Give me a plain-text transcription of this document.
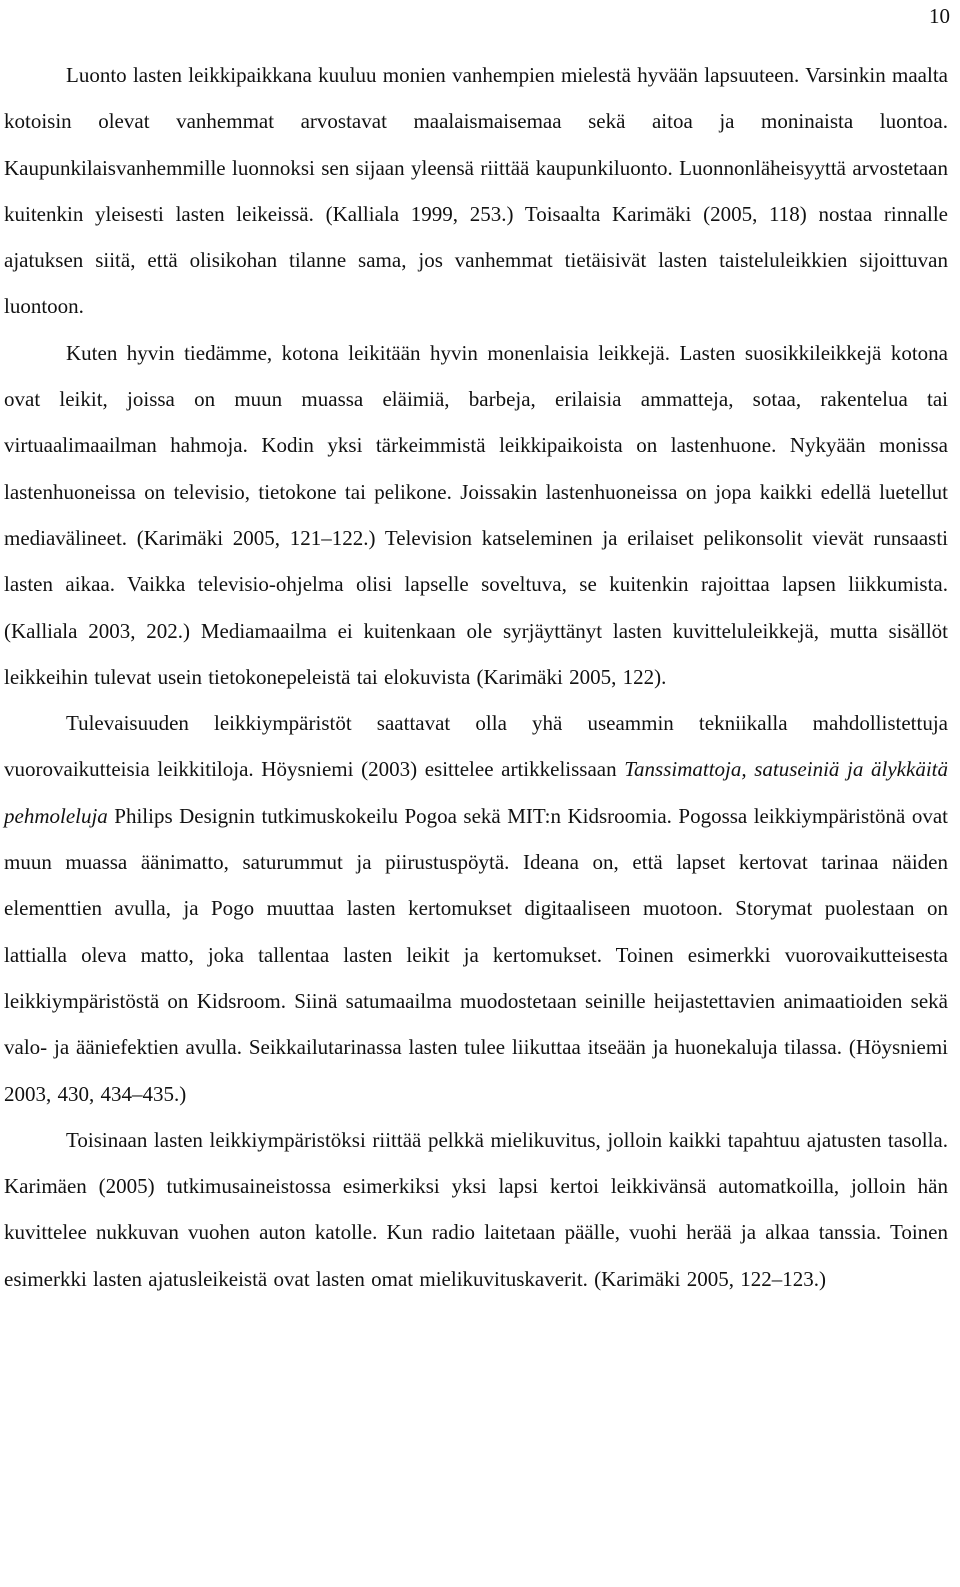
10

Luonto lasten leikkipaikkana kuuluu monien vanhempien mielestä hyvään lapsuuteen. Varsinkin maalta kotoisin olevat vanhemmat arvostavat maalaismaisemaa sekä aitoa ja moninaista luontoa. Kaupunkilaisvanhemmille luonnoksi sen sijaan yleensä riittää kaupunkiluonto. Luonnonläheisyyttä arvostetaan kuitenkin yleisesti lasten leikeissä. (Kalliala 1999, 253.) Toisaalta Karimäki (2005, 118) nostaa rinnalle ajatuksen siitä, että olisikohan tilanne sama, jos vanhemmat tietäisivät lasten taisteluleikkien sijoittuvan luontoon.

Kuten hyvin tiedämme, kotona leikitään hyvin monenlaisia leikkejä. Lasten suosikkileikkejä kotona ovat leikit, joissa on muun muassa eläimiä, barbeja, erilaisia ammatteja, sotaa, rakentelua tai virtuaalimaailman hahmoja. Kodin yksi tärkeimmistä leikkipaikoista on lastenhuone. Nykyään monissa lastenhuoneissa on televisio, tietokone tai pelikone. Joissakin lastenhuoneissa on jopa kaikki edellä luetellut mediavälineet. (Karimäki 2005, 121–122.) Television katseleminen ja erilaiset pelikonsolit vievät runsaasti lasten aikaa. Vaikka televisio-ohjelma olisi lapselle soveltuva, se kuitenkin rajoittaa lapsen liikkumista. (Kalliala 2003, 202.) Mediamaailma ei kuitenkaan ole syrjäyttänyt lasten kuvitteluleikkejä, mutta sisällöt leikkeihin tulevat usein tietokonepeleistä tai elokuvista (Karimäki 2005, 122).

Tulevaisuuden leikkiympäristöt saattavat olla yhä useammin tekniikalla mahdollistettuja vuorovaikutteisia leikkitiloja. Höysniemi (2003) esittelee artikkelissaan Tanssimattoja, satuseiniä ja älykkäitä pehmoleluja Philips Designin tutkimuskokeilu Pogoa sekä MIT:n Kidsroomia. Pogossa leikkiympäristönä ovat muun muassa äänimatto, saturummut ja piirustuspöytä. Ideana on, että lapset kertovat tarinaa näiden elementtien avulla, ja Pogo muuttaa lasten kertomukset digitaaliseen muotoon. Storymat puolestaan on lattialla oleva matto, joka tallentaa lasten leikit ja kertomukset. Toinen esimerkki vuorovaikutteisesta leikkiympäristöstä on Kidsroom. Siinä satumaailma muodostetaan seinille heijastettavien animaatioiden sekä valo- ja ääniefektien avulla. Seikkailutarinassa lasten tulee liikuttaa itseään ja huonekaluja tilassa. (Höysniemi 2003, 430, 434–435.)

Toisinaan lasten leikkiympäristöksi riittää pelkkä mielikuvitus, jolloin kaikki tapahtuu ajatusten tasolla. Karimäen (2005) tutkimusaineistossa esimerkiksi yksi lapsi kertoi leikkivänsä automatkoilla, jolloin hän kuvittelee nukkuvan vuohen auton katolle. Kun radio laitetaan päälle, vuohi herää ja alkaa tanssia. Toinen esimerkki lasten ajatusleikeistä ovat lasten omat mielikuvituskaverit. (Karimäki 2005, 122–123.)
